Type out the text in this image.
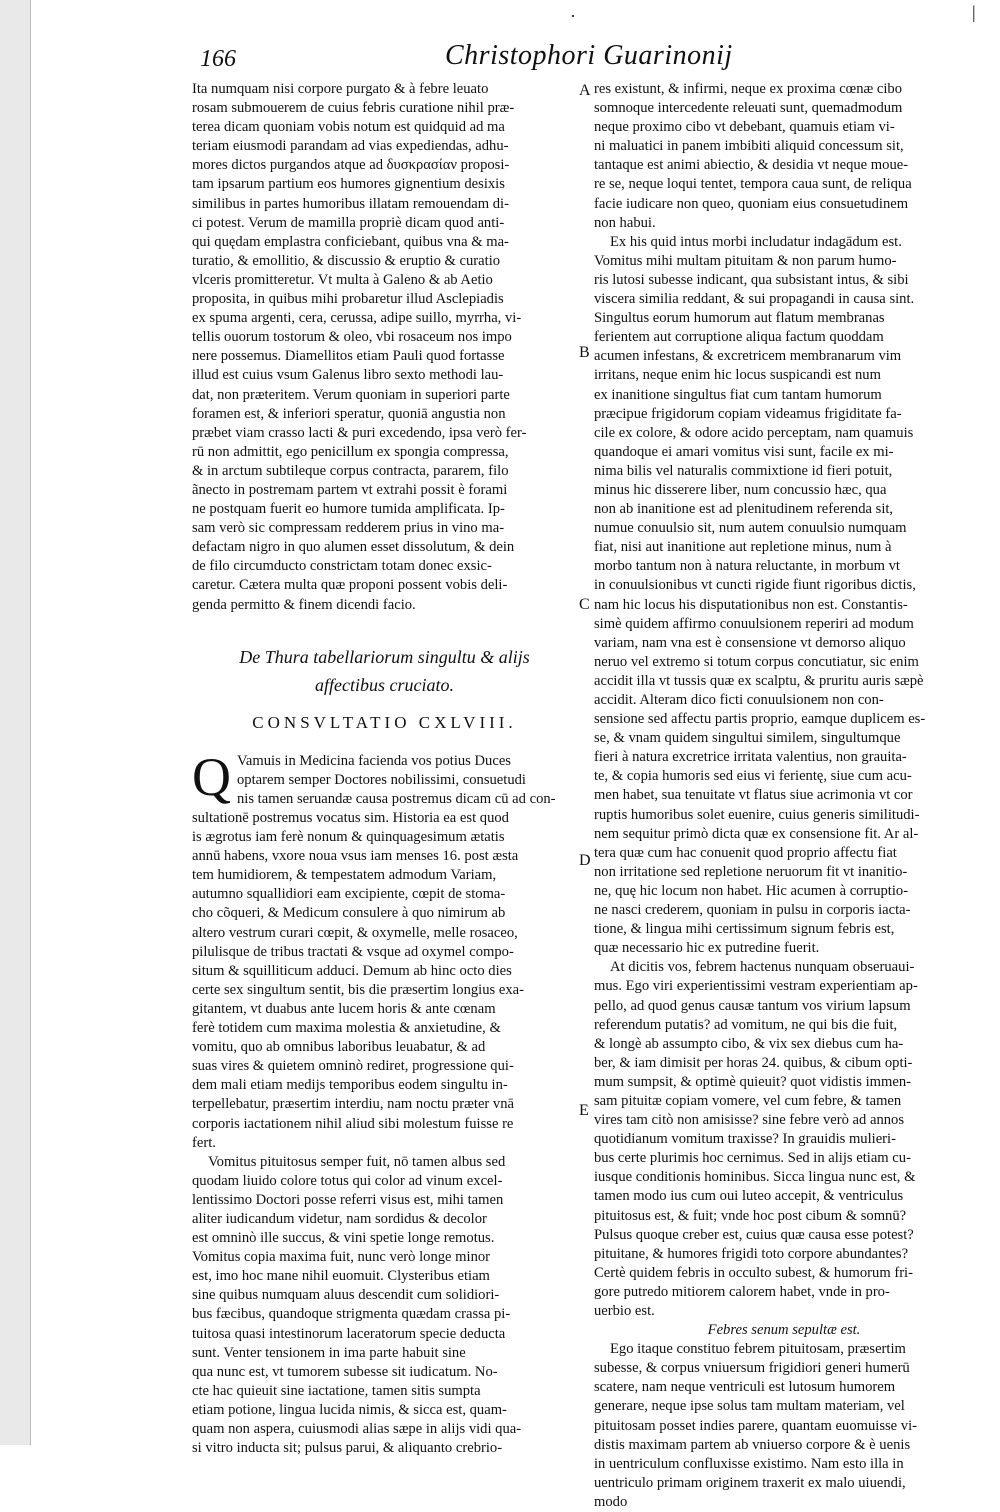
·	|
166	Christophori Guarinonij
A
B
C
D
E

Ita numquam nisi corpore purgato & à febre leuato
rosam submouerem de cuius febris curatione nihil præ-
terea dicam quoniam vobis notum est quidquid ad ma
teriam eiusmodi parandam ad vias expediendas, adhu-
mores dictos purgandos atque ad δυσκρασίαν proposi-
tam ipsarum partium eos humores gignentium desixis
similibus in partes humoribus illatam remouendam di-
ci potest. Verum de mamilla propriè dicam quod anti-
qui quędam emplastra conficiebant, quibus vna & ma-
turatio, & emollitio, & discussio & eruptio & curatio
vlceris promitteretur. Vt multa à Galeno & ab Aetio
proposita, in quibus mihi probaretur illud Asclepiadis
ex spuma argenti, cera, cerussa, adipe suillo, myrrha, vi-
tellis ouorum tostorum & oleo, vbi rosaceum nos impo
nere possemus. Diamellitos etiam Pauli quod fortasse
illud est cuius vsum Galenus libro sexto methodi lau-
dat, non præteritem. Verum quoniam in superiori parte
foramen est, & inferiori speratur, quoniā angustia non
præbet viam crasso lacti & puri excedendo, ipsa verò fer-
rū non admittit, ego penicillum ex spongia compressa,
& in arctum subtileque corpus contracta, pararem, filo
ãnecto in postremam partem vt extrahi possit è forami
ne postquam fuerit eo humore tumida amplificata. Ip-
sam verò sic compressam redderem prius in vino ma-
defactam nigro in quo alumen esset dissolutum, & dein
de filo circumducto constrictam totam donec exsic-
caretur. Cætera multa quæ proponi possent vobis deli-
genda permitto & finem dicendi facio.

De Thura tabellariorum singultu & alijs
affectibus cruciato.
CONSVLTATIO CXLVIII.

Q Vamuis in Medicina facienda vos potius Duces
optarem semper Doctores nobilissimi, consuetudi
nis tamen seruandæ causa postremus dicam cū ad con-
sultationē postremus vocatus sim. Historia ea est quod
is ægrotus iam ferè nonum & quinquagesimum ætatis
annū habens, vxore noua vsus iam menses 16. post æsta
tem humidiorem, & tempestatem admodum Variam,
autumno squallidiori eam excipiente, cœpit de stoma-
cho cõqueri, & Medicum consulere à quo nimirum ab
altero vestrum curari cœpit, & oxymelle, melle rosaceo,
pilulisque de tribus tractati & vsque ad oxymel compo-
situm & squilliticum adduci. Demum ab hinc octo dies
certe sex singultum sentit, bis die præsertim longius exa-
gitantem, vt duabus ante lucem horis & ante cœnam
ferè totidem cum maxima molestia & anxietudine, &
vomitu, quo ab omnibus laboribus leuabatur, & ad
suas vires & quietem omninò rediret, progressione qui-
dem mali etiam medijs temporibus eodem singultu in-
terpellebatur, præsertim interdiu, nam noctu præter vnā
corporis iactationem nihil aliud sibi molestum fuisse re
fert.

Vomitus pituitosus semper fuit, nō tamen albus sed
quodam liuido colore totus qui color ad vinum excel-
lentissimo Doctori posse referri visus est, mihi tamen
aliter iudicandum videtur, nam sordidus & decolor
est omninò ille succus, & vini spetie longe remotus.
Vomitus copia maxima fuit, nunc verò longe minor
est, imo hoc mane nihil euomuit. Clysteribus etiam
sine quibus numquam aluus descendit cum solidiori-
bus fæcibus, quandoque strigmenta quædam crassa pi-
tuitosa quasi intestinorum laceratorum specie deducta
sunt. Venter tensionem in ima parte habuit sine
qua nunc est, vt tumorem subesse sit iudicatum. No-
cte hac quieuit sine iactatione, tamen sitis sumpta
etiam potione, lingua lucida nimis, & sicca est, quam-
quam non aspera, cuiusmodi alias sæpe in alijs vidi qua-
si vitro inducta sit; pulsus parui, & aliquanto crebrio-

res existunt, & infirmi, neque ex proxima cœnæ cibo
somnoque intercedente releuati sunt, quemadmodum
neque proximo cibo vt debebant, quamuis etiam vi-
ni maluatici in panem imbibiti aliquid concessum sit,
tantaque est animi abiectio, & desidia vt neque moue-
re se, neque loqui tentet, tempora caua sunt, de reliqua
facie iudicare non queo, quoniam eius consuetudinem
non habui.

Ex his quid intus morbi includatur indagādum est.
Vomitus mihi multam pituitam & non parum humo-
ris lutosi subesse indicant, qua subsistant intus, & sibi
viscera similia reddant, & sui propagandi in causa sint.
Singultus eorum humorum aut flatum membranas
ferientem aut corruptione aliqua factum quoddam
acumen infestans, & excretricem membranarum vim
irritans, neque enim hic locus suspicandi est num
ex inanitione singultus fiat cum tantam humorum
præcipue frigidorum copiam videamus frigiditate fa-
cile ex colore, & odore acido perceptam, nam quamuis
quandoque ei amari vomitus visi sunt, facile ex mi-
nima bilis vel naturalis commixtione id fieri potuit,
minus hic disserere liber, num concussio hæc, qua
non ab inanitione est ad plenitudinem referenda sit,
numue conuulsio sit, num autem conuulsio numquam
fiat, nisi aut inanitione aut repletione minus, num à
morbo tantum non à natura reluctante, in morbum vt
in conuulsionibus vt cuncti rigide fiunt rigoribus dictis,
nam hic locus his disputationibus non est. Constantis-
simè quidem affirmo conuulsionem reperiri ad modum
variam, nam vna est è consensione vt demorso aliquo
neruo vel extremo si totum corpus concutiatur, sic enim
accidit illa vt tussis quæ ex scalptu, & pruritu auris sæpè
accidit. Alteram dico ficti conuulsionem non con-
sensione sed affectu partis proprio, eamque duplicem es-
se, & vnam quidem singultui similem, singultumque
fieri à natura excretrice irritata valentius, non grauita-
te, & copia humoris sed eius vi ferientę, siue cum acu-
men habet, sua tenuitate vt flatus siue acrimonia vt cor
ruptis humoribus solet euenire, cuius generis similitudi-
nem sequitur primò dicta quæ ex consensione fit. Ar al-
tera quæ cum hac conuenit quod proprio affectu fiat
non irritatione sed repletione neruorum fit vt inanitio-
ne, quę hic locum non habet. Hic acumen à corruptio-
ne nasci crederem, quoniam in pulsu in corporis iacta-
tione, & lingua mihi certissimum signum febris est,
quæ necessario hic ex putredine fuerit.

At dicitis vos, febrem hactenus nunquam obseruaui-
mus. Ego viri experientissimi vestram experientiam ap-
pello, ad quod genus causæ tantum vos virium lapsum
referendum putatis? ad vomitum, ne qui bis die fuit,
& longè ab assumpto cibo, & vix sex diebus cum ha-
ber, & iam dimisit per horas 24. quibus, & cibum opti-
mum sumpsit, & optimè quieuit? quot vidistis immen-
sam pituitæ copiam vomere, vel cum febre, & tamen
vires tam citò non amisisse? sine febre verò ad annos
quotidianum vomitum traxisse? In grauidis mulieri-
bus certe plurimis hoc cernimus. Sed in alijs etiam cu-
iusque conditionis hominibus. Sicca lingua nunc est, &
tamen modo ius cum oui luteo accepit, & ventriculus
pituitosus est, & fuit; vnde hoc post cibum & somnū?
Pulsus quoque creber est, cuius quæ causa esse potest?
pituitane, & humores frigidi toto corpore abundantes?
Certè quidem febris in occulto subest, & humorum fri-
gore putredo mitiorem calorem habet, vnde in pro-
uerbio est.

Febres senum sepultæ est.

Ego itaque constituo febrem pituitosam, præsertim
subesse, & corpus vniuersum frigidiori generi humerū
scatere, nam neque ventriculi est lutosum humorem
generare, neque ipse solus tam multam materiam, vel
pituitosam posset indies parere, quantam euomuisse vi-
distis maximam partem ab vniuerso corpore & è uenis
in uentriculum confluxisse existimo. Nam esto illa in
uentriculo primam originem traxerit ex malo uiuendi,
modo
